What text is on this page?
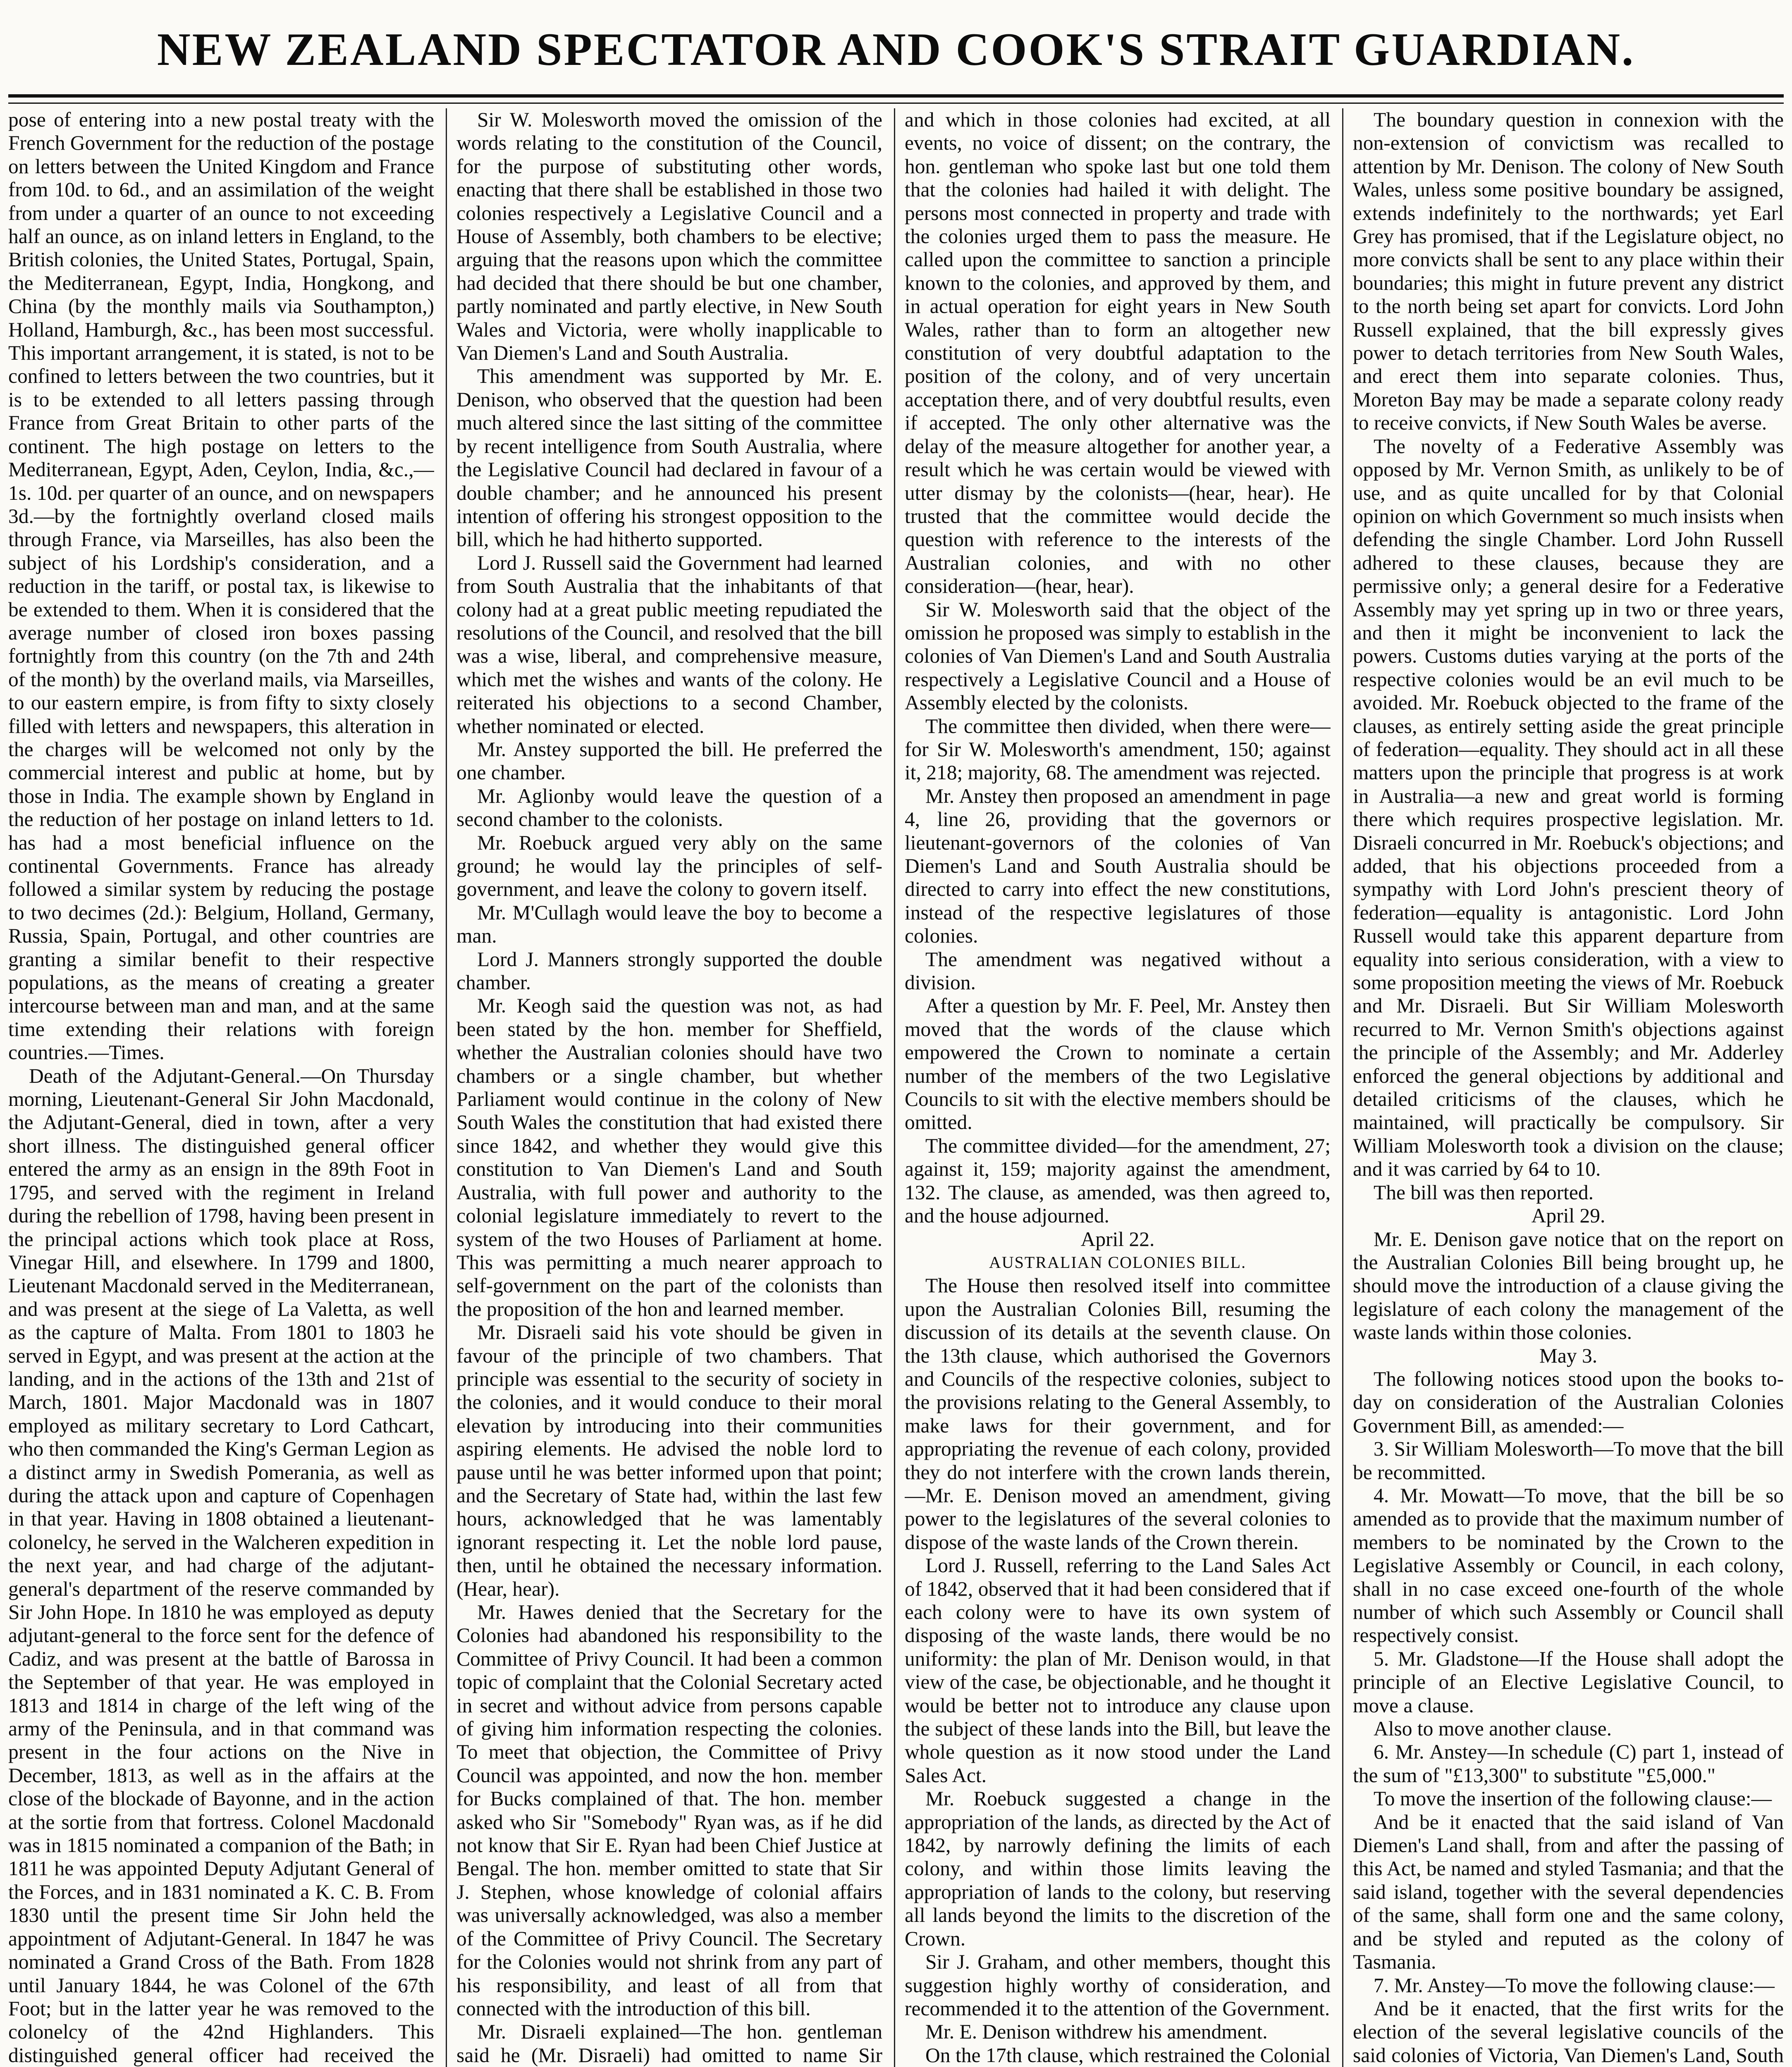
NEW ZEALAND SPECTATOR AND COOK'S STRAIT GUARDIAN.

pose of entering into a new postal treaty with the French Government for the reduction of the postage on letters between the United Kingdom and France from 10d. to 6d., and an assimilation of the weight from under a quarter of an ounce to not exceeding half an ounce, as on inland letters in England, to the British colonies, the United States, Portugal, Spain, the Mediterranean, Egypt, India, Hongkong, and China (by the monthly mails via Southampton,) Holland, Hamburgh, &c., has been most successful. This important arrangement, it is stated, is not to be confined to letters between the two countries, but it is to be extended to all letters passing through France from Great Britain to other parts of the continent. The high postage on letters to the Mediterranean, Egypt, Aden, Ceylon, India, &c.,—1s. 10d. per quarter of an ounce, and on newspapers 3d.—by the fortnightly overland closed mails through France, via Marseilles, has also been the subject of his Lordship's consideration, and a reduction in the tariff, or postal tax, is likewise to be extended to them. When it is considered that the average number of closed iron boxes passing fortnightly from this country (on the 7th and 24th of the month) by the overland mails, via Marseilles, to our eastern empire, is from fifty to sixty closely filled with letters and newspapers, this alteration in the charges will be welcomed not only by the commercial interest and public at home, but by those in India. The example shown by England in the reduction of her postage on inland letters to 1d. has had a most beneficial influence on the continental Governments. France has already followed a similar system by reducing the postage to two decimes (2d.): Belgium, Holland, Germany, Russia, Spain, Portugal, and other countries are granting a similar benefit to their respective populations, as the means of creating a greater intercourse between man and man, and at the same time extending their relations with foreign countries.—Times.

Death of the Adjutant-General.—On Thursday morning, Lieutenant-General Sir John Macdonald, the Adjutant-General, died in town, after a very short illness. The distinguished general officer entered the army as an ensign in the 89th Foot in 1795, and served with the regiment in Ireland during the rebellion of 1798, having been present in the principal actions which took place at Ross, Vinegar Hill, and elsewhere. In 1799 and 1800, Lieutenant Macdonald served in the Mediterranean, and was present at the siege of La Valetta, as well as the capture of Malta. From 1801 to 1803 he served in Egypt, and was present at the action at the landing, and in the actions of the 13th and 21st of March, 1801. Major Macdonald was in 1807 employed as military secretary to Lord Cathcart, who then commanded the King's German Legion as a distinct army in Swedish Pomerania, as well as during the attack upon and capture of Copenhagen in that year. Having in 1808 obtained a lieutenant-colonelcy, he served in the Walcheren expedition in the next year, and had charge of the adjutant-general's department of the reserve commanded by Sir John Hope. In 1810 he was employed as deputy adjutant-general to the force sent for the defence of Cadiz, and was present at the battle of Barossa in the September of that year. He was employed in 1813 and 1814 in charge of the left wing of the army of the Peninsula, and in that command was present in the four actions on the Nive in December, 1813, as well as in the affairs at the close of the blockade of Bayonne, and in the action at the sortie from that fortress. Colonel Macdonald was in 1815 nominated a companion of the Bath; in 1811 he was appointed Deputy Adjutant General of the Forces, and in 1831 nominated a K. C. B. From 1830 until the present time Sir John held the appointment of Adjutant-General. In 1847 he was nominated a Grand Cross of the Bath. From 1828 until January 1844, he was Colonel of the 67th Foot; but in the latter year he was removed to the colonelcy of the 42nd Highlanders. This distinguished general officer had received the

Sir W. Molesworth moved the omission of the words relating to the constitution of the Council, for the purpose of substituting other words, enacting that there shall be established in those two colonies respectively a Legislative Council and a House of Assembly, both chambers to be elective; arguing that the reasons upon which the committee had decided that there should be but one chamber, partly nominated and partly elective, in New South Wales and Victoria, were wholly inapplicable to Van Diemen's Land and South Australia.

This amendment was supported by Mr. E. Denison, who observed that the question had been much altered since the last sitting of the committee by recent intelligence from South Australia, where the Legislative Council had declared in favour of a double chamber; and he announced his present intention of offering his strongest opposition to the bill, which he had hitherto supported.

Lord J. Russell said the Government had learned from South Australia that the inhabitants of that colony had at a great public meeting repudiated the resolutions of the Council, and resolved that the bill was a wise, liberal, and comprehensive measure, which met the wishes and wants of the colony. He reiterated his objections to a second Chamber, whether nominated or elected.

Mr. Anstey supported the bill. He preferred the one chamber.

Mr. Aglionby would leave the question of a second chamber to the colonists.

Mr. Roebuck argued very ably on the same ground; he would lay the principles of self-government, and leave the colony to govern itself.

Mr. M'Cullagh would leave the boy to become a man.

Lord J. Manners strongly supported the double chamber.

Mr. Keogh said the question was not, as had been stated by the hon. member for Sheffield, whether the Australian colonies should have two chambers or a single chamber, but whether Parliament would continue in the colony of New South Wales the constitution that had existed there since 1842, and whether they would give this constitution to Van Diemen's Land and South Australia, with full power and authority to the colonial legislature immediately to revert to the system of the two Houses of Parliament at home. This was permitting a much nearer approach to self-government on the part of the colonists than the proposition of the hon and learned member.

Mr. Disraeli said his vote should be given in favour of the principle of two chambers. That principle was essential to the security of society in the colonies, and it would conduce to their moral elevation by introducing into their communities aspiring elements. He advised the noble lord to pause until he was better informed upon that point; and the Secretary of State had, within the last few hours, acknowledged that he was lamentably ignorant respecting it. Let the noble lord pause, then, until he obtained the necessary information. (Hear, hear).

Mr. Hawes denied that the Secretary for the Colonies had abandoned his responsibility to the Committee of Privy Council. It had been a common topic of complaint that the Colonial Secretary acted in secret and without advice from persons capable of giving him information respecting the colonies. To meet that objection, the Committee of Privy Council was appointed, and now the hon. member for Bucks complained of that. The hon. member asked who Sir "Somebody" Ryan was, as if he did not know that Sir E. Ryan had been Chief Justice at Bengal. The hon. member omitted to state that Sir J. Stephen, whose knowledge of colonial affairs was universally acknowledged, was also a member of the Committee of Privy Council. The Secretary for the Colonies would not shrink from any part of his responsibility, and least of all from that connected with the introduction of this bill.

Mr. Disraeli explained—The hon. gentleman said he (Mr. Disraeli) had omitted to name Sir

and which in those colonies had excited, at all events, no voice of dissent; on the contrary, the hon. gentleman who spoke last but one told them that the colonies had hailed it with delight. The persons most connected in property and trade with the colonies urged them to pass the measure. He called upon the committee to sanction a principle known to the colonies, and approved by them, and in actual operation for eight years in New South Wales, rather than to form an altogether new constitution of very doubtful adaptation to the position of the colony, and of very uncertain acceptation there, and of very doubtful results, even if accepted. The only other alternative was the delay of the measure altogether for another year, a result which he was certain would be viewed with utter dismay by the colonists—(hear, hear). He trusted that the committee would decide the question with reference to the interests of the Australian colonies, and with no other consideration—(hear, hear).

Sir W. Molesworth said that the object of the omission he proposed was simply to establish in the colonies of Van Diemen's Land and South Australia respectively a Legislative Council and a House of Assembly elected by the colonists.

The committee then divided, when there were—for Sir W. Molesworth's amendment, 150; against it, 218; majority, 68. The amendment was rejected.

Mr. Anstey then proposed an amendment in page 4, line 26, providing that the governors or lieutenant-governors of the colonies of Van Diemen's Land and South Australia should be directed to carry into effect the new constitutions, instead of the respective legislatures of those colonies.

The amendment was negatived without a division.

After a question by Mr. F. Peel, Mr. Anstey then moved that the words of the clause which empowered the Crown to nominate a certain number of the members of the two Legislative Councils to sit with the elective members should be omitted.

The committee divided—for the amendment, 27; against it, 159; majority against the amendment, 132. The clause, as amended, was then agreed to, and the house adjourned.

April 22.

AUSTRALIAN COLONIES BILL.

The House then resolved itself into committee upon the Australian Colonies Bill, resuming the discussion of its details at the seventh clause. On the 13th clause, which authorised the Governors and Councils of the respective colonies, subject to the provisions relating to the General Assembly, to make laws for their government, and for appropriating the revenue of each colony, provided they do not interfere with the crown lands therein,—Mr. E. Denison moved an amendment, giving power to the legislatures of the several colonies to dispose of the waste lands of the Crown therein.

Lord J. Russell, referring to the Land Sales Act of 1842, observed that it had been considered that if each colony were to have its own system of disposing of the waste lands, there would be no uniformity: the plan of Mr. Denison would, in that view of the case, be objectionable, and he thought it would be better not to introduce any clause upon the subject of these lands into the Bill, but leave the whole question as it now stood under the Land Sales Act.

Mr. Roebuck suggested a change in the appropriation of the lands, as directed by the Act of 1842, by narrowly defining the limits of each colony, and within those limits leaving the appropriation of lands to the colony, but reserving all lands beyond the limits to the discretion of the Crown.

Sir J. Graham, and other members, thought this suggestion highly worthy of consideration, and recommended it to the attention of the Government.

Mr. E. Denison withdrew his amendment.

On the 17th clause, which restrained the Colonial

The boundary question in connexion with the non-extension of convictism was recalled to attention by Mr. Denison. The colony of New South Wales, unless some positive boundary be assigned, extends indefinitely to the northwards; yet Earl Grey has promised, that if the Legislature object, no more convicts shall be sent to any place within their boundaries; this might in future prevent any district to the north being set apart for convicts. Lord John Russell explained, that the bill expressly gives power to detach territories from New South Wales, and erect them into separate colonies. Thus, Moreton Bay may be made a separate colony ready to receive convicts, if New South Wales be averse.

The novelty of a Federative Assembly was opposed by Mr. Vernon Smith, as unlikely to be of use, and as quite uncalled for by that Colonial opinion on which Government so much insists when defending the single Chamber. Lord John Russell adhered to these clauses, because they are permissive only; a general desire for a Federative Assembly may yet spring up in two or three years, and then it might be inconvenient to lack the powers. Customs duties varying at the ports of the respective colonies would be an evil much to be avoided. Mr. Roebuck objected to the frame of the clauses, as entirely setting aside the great principle of federation—equality. They should act in all these matters upon the principle that progress is at work in Australia—a new and great world is forming there which requires prospective legislation. Mr. Disraeli concurred in Mr. Roebuck's objections; and added, that his objections proceeded from a sympathy with Lord John's prescient theory of federation—equality is antagonistic. Lord John Russell would take this apparent departure from equality into serious consideration, with a view to some proposition meeting the views of Mr. Roebuck and Mr. Disraeli. But Sir William Molesworth recurred to Mr. Vernon Smith's objections against the principle of the Assembly; and Mr. Adderley enforced the general objections by additional and detailed criticisms of the clauses, which he maintained, will practically be compulsory. Sir William Molesworth took a division on the clause; and it was carried by 64 to 10.

The bill was then reported.

April 29.

Mr. E. Denison gave notice that on the report on the Australian Colonies Bill being brought up, he should move the introduction of a clause giving the legislature of each colony the management of the waste lands within those colonies.

May 3.

The following notices stood upon the books to-day on consideration of the Australian Colonies Government Bill, as amended:—

3. Sir William Molesworth—To move that the bill be recommitted.

4. Mr. Mowatt—To move, that the bill be so amended as to provide that the maximum number of members to be nominated by the Crown to the Legislative Assembly or Council, in each colony, shall in no case exceed one-fourth of the whole number of which such Assembly or Council shall respectively consist.

5. Mr. Gladstone—If the House shall adopt the principle of an Elective Legislative Council, to move a clause.

Also to move another clause.

6. Mr. Anstey—In schedule (C) part 1, instead of the sum of "£13,300" to substitute "£5,000."

To move the insertion of the following clause:—

And be it enacted that the said island of Van Diemen's Land shall, from and after the passing of this Act, be named and styled Tasmania; and that the said island, together with the several dependencies of the same, shall form one and the same colony, and be styled and reputed as the colony of Tasmania.

7. Mr. Anstey—To move the following clause:—

And be it enacted, that the first writs for the election of the several legislative councils of the said colonies of Victoria, Van Diemen's Land, South
